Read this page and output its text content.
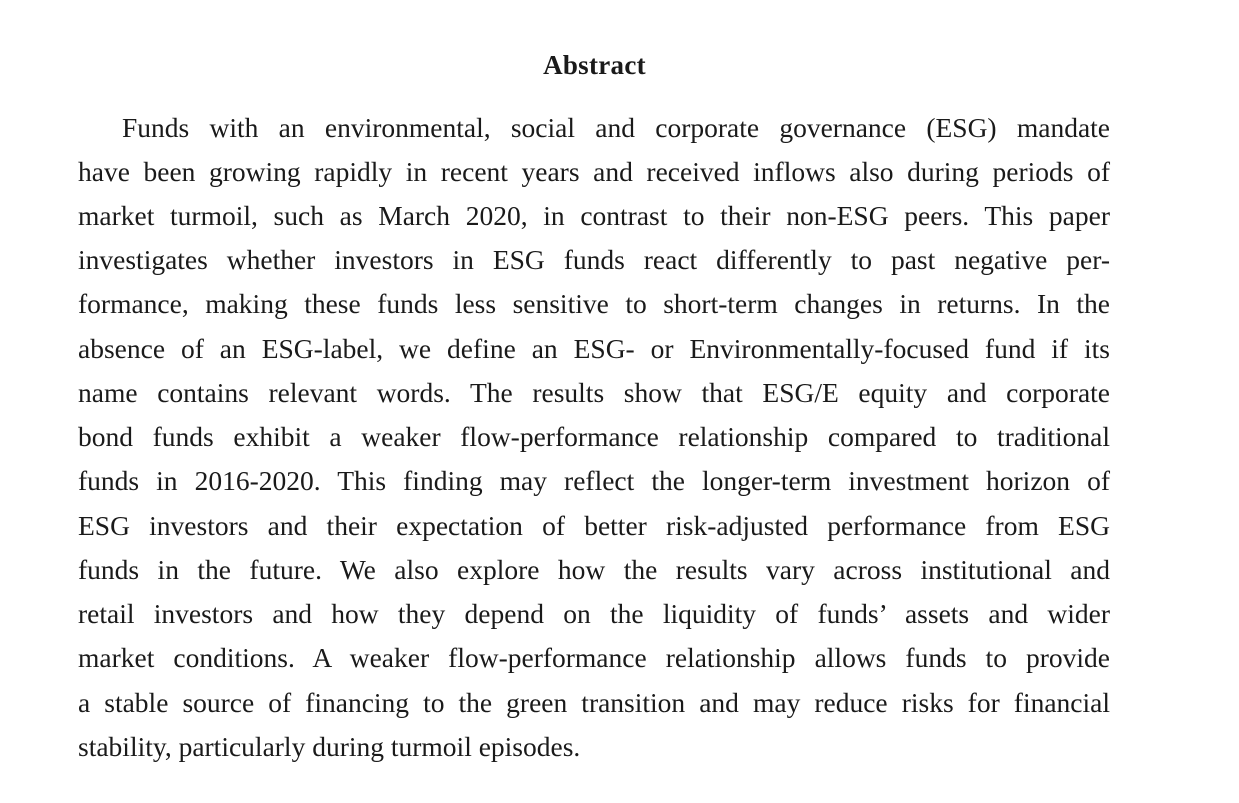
Abstract
Funds with an environmental, social and corporate governance (ESG) mandate
have been growing rapidly in recent years and received inflows also during periods of
market turmoil, such as March 2020, in contrast to their non-ESG peers. This paper
investigates whether investors in ESG funds react differently to past negative per-
formance, making these funds less sensitive to short-term changes in returns. In the
absence of an ESG-label, we define an ESG- or Environmentally-focused fund if its
name contains relevant words. The results show that ESG/E equity and corporate
bond funds exhibit a weaker flow-performance relationship compared to traditional
funds in 2016-2020. This finding may reflect the longer-term investment horizon of
ESG investors and their expectation of better risk-adjusted performance from ESG
funds in the future. We also explore how the results vary across institutional and
retail investors and how they depend on the liquidity of funds’ assets and wider
market conditions. A weaker flow-performance relationship allows funds to provide
a stable source of financing to the green transition and may reduce risks for financial
stability, particularly during turmoil episodes.
